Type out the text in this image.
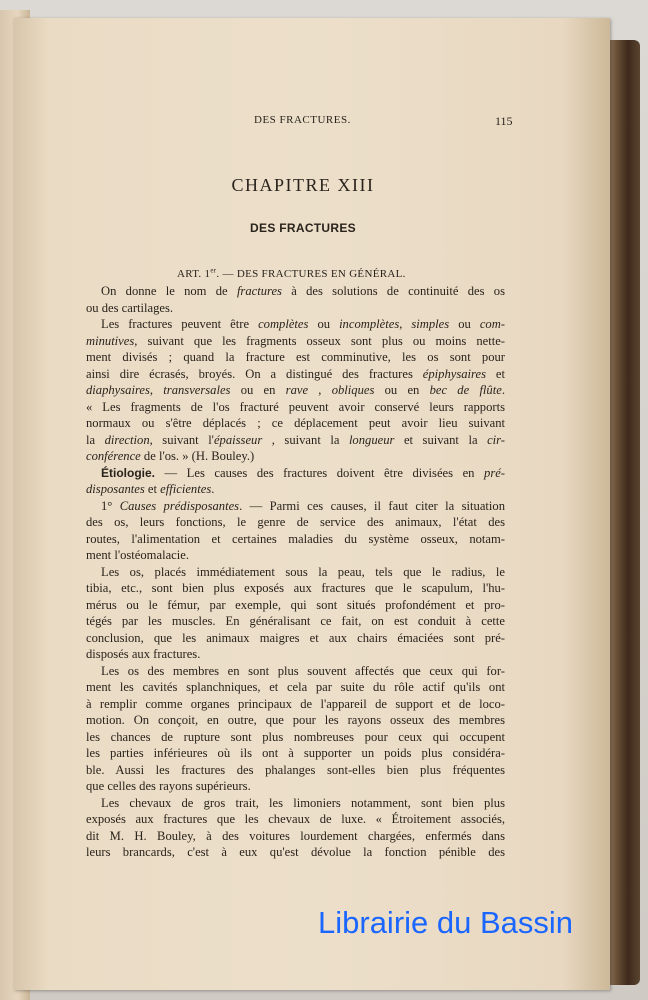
DES FRACTURES.	115
CHAPITRE XIII
DES FRACTURES
ART. 1er. — DES FRACTURES EN GÉNÉRAL.
On donne le nom de fractures à des solutions de continuité des os
ou des cartilages.
Les fractures peuvent être complètes ou incomplètes, simples ou com-
minutives, suivant que les fragments osseux sont plus ou moins nette-
ment divisés ; quand la fracture est comminutive, les os sont pour
ainsi dire écrasés, broyés. On a distingué des fractures épiphysaires et
diaphysaires, transversales ou en rave , obliques ou en bec de flûte.
« Les fragments de l'os fracturé peuvent avoir conservé leurs rapports
normaux ou s'être déplacés ; ce déplacement peut avoir lieu suivant
la direction, suivant l'épaisseur , suivant la longueur et suivant la cir-
conférence de l'os. » (H. Bouley.)
Étiologie. — Les causes des fractures doivent être divisées en pré-
disposantes et efficientes.
1° Causes prédisposantes. — Parmi ces causes, il faut citer la situation
des os, leurs fonctions, le genre de service des animaux, l'état des
routes, l'alimentation et certaines maladies du système osseux, notam-
ment l'ostéomalacie.
Les os, placés immédiatement sous la peau, tels que le radius, le
tibia, etc., sont bien plus exposés aux fractures que le scapulum, l'hu-
mérus ou le fémur, par exemple, qui sont situés profondément et pro-
tégés par les muscles. En généralisant ce fait, on est conduit à cette
conclusion, que les animaux maigres et aux chairs émaciées sont pré-
disposés aux fractures.
Les os des membres en sont plus souvent affectés que ceux qui for-
ment les cavités splanchniques, et cela par suite du rôle actif qu'ils ont
à remplir comme organes principaux de l'appareil de support et de loco-
motion. On conçoit, en outre, que pour les rayons osseux des membres
les chances de rupture sont plus nombreuses pour ceux qui occupent
les parties inférieures où ils ont à supporter un poids plus considéra-
ble. Aussi les fractures des phalanges sont-elles bien plus fréquentes
que celles des rayons supérieurs.
Les chevaux de gros trait, les limoniers notamment, sont bien plus
exposés aux fractures que les chevaux de luxe. « Étroitement associés,
dit M. H. Bouley, à des voitures lourdement chargées, enfermés dans
leurs brancards, c'est à eux qu'est dévolue la fonction pénible des
Librairie du Bassin
